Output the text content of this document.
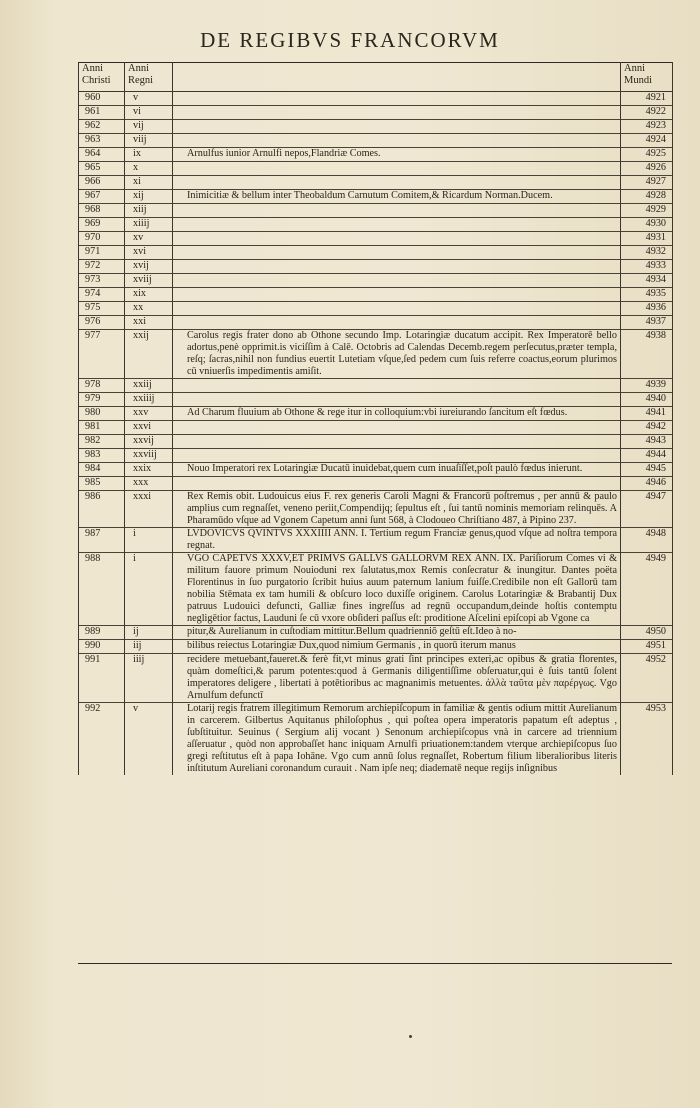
DE REGIBVS FRANCORVM
Anni Christi	Anni Regni		Anni Mundi
960	v		4921
961	vi		4922
962	vij		4923
963	viij		4924
964	ix	Arnulfus iunior Arnulfi nepos,Flandriæ Comes.	4925
965	x		4926
966	xi		4927
967	xij	Inimicitiæ & bellum inter Theobaldum Carnutum Comitem,& Ricardum Norman.Ducem.	4928
968	xiij		4929
969	xiiij		4930
970	xv		4931
971	xvi		4932
972	xvij		4933
973	xviij		4934
974	xix		4935
975	xx		4936
976	xxi		4937
977	xxij	Carolus regis frater dono ab Othone secundo Imp. Lotaringiæ ducatum accipit. Rex Imperatorē bello adortus,penè opprimit.is viciſſim à Calē. Octobris ad Calendas Decemb.regem perſecutus,præter templa, reſq; ſacras,nihil non fundius euertit Lutetiam vſque,ſed pedem cum ſuis referre coactus,eorum plurimos cū vniuerſis impedimentis amiſit.	4938
978	xxiij		4939
979	xxiiij		4940
980	xxv	Ad Charum fluuium ab Othone & rege itur in colloquium:vbi iureiurando ſancitum eſt fœdus.	4941
981	xxvi		4942
982	xxvij		4943
983	xxviij		4944
984	xxix	Nouo Imperatori rex Lotaringiæ Ducatū inuidebat,quem cum inuaſiſſet,poſt paulò fœdus inierunt.	4945
985	xxx		4946
986	xxxi	Rex Remis obit. Ludouicus eius F. rex generis Caroli Magni & Francorū poſtremus , per annū & paulo amplius cum regnaſſet, veneno periit,Compendijq; ſepultus eſt , ſui tantū nominis memoriam relinquēs. A Pharamūdo vſque ad Vgonem Capetum anni ſunt 568, à Clodoueo Chriſtiano 487, à Pipino 237.	4947
987	i	LVDOVICVS QVINTVS XXXIIII ANN. I. Tertium regum Franciæ genus,quod vſque ad noſtra tempora regnat.	4948
988	i	VGO CAPETVS XXXV,ET PRIMVS GALLVS GALLORVM REX ANN. IX. Pariſiorum Comes vi & militum fauore primum Nouioduni rex ſalutatus,mox Remis conſecratur & inungitur. Dantes poëta Florentinus in ſuo purgatorio ſcribit huius auum paternum lanium fuiſſe.Credibile non eſt Gallorū tam nobilia Stēmata ex tam humili & obſcuro loco duxiſſe originem. Carolus Lotaringiæ & Brabantij Dux patruus Ludouici defuncti, Galliæ fines ingreſſus ad regnū occupandum,deinde hoſtis contemptu negligētior factus, Lauduni ſe cū vxore obſideri paſſus eſt: proditione Aſcelini epiſcopi ab Vgone ca	4949
989	ij	pitur,& Aurelianum in cuſtodiam mittitur.Bellum quadrienniō geſtū eſt.Ideo à no-	4950
990	iij	bilibus reiectus Lotaringiæ Dux,quod nimium Germanis , in quorū iterum manus	4951
991	iiij	recidere metuebant,faueret.& ferè fit,vt minus grati ſint principes exteri,ac opibus & gratia florentes, quàm domeſtici,& parum potentes:quod à Germanis diligentiſſime obſeruatur,qui è ſuis tantū ſolent imperatores deligere , libertati à potētioribus ac magnanimis metuentes. ἀλλὰ ταῦτα μὲν παρέργως. Vgo Arnulfum defunctī	4952
992	v	Lotarij regis fratrem illegitimum Remorum archiepiſcopum in familiæ & gentis odium mittit Aurelianum in carcerem. Gilbertus Aquitanus philoſophus , qui poſtea opera imperatoris papatum eſt adeptus , ſubſtituitur. Seuinus ( Sergium alij vocant ) Senonum archiepiſcopus vnà in carcere ad triennium aſſeruatur , quòd non approbaſſet hanc iniquam Arnulfi priuationem:tandem vterque archiepiſcopus ſuo gregi reſtitutus eſt à papa Iohāne. Vgo cum annū ſolus regnaſſet, Robertum filium liberalioribus literis inſtitutum Aureliani coronandum curauit . Nam ipſe neq; diadematē neque regijs inſignibus	4953
